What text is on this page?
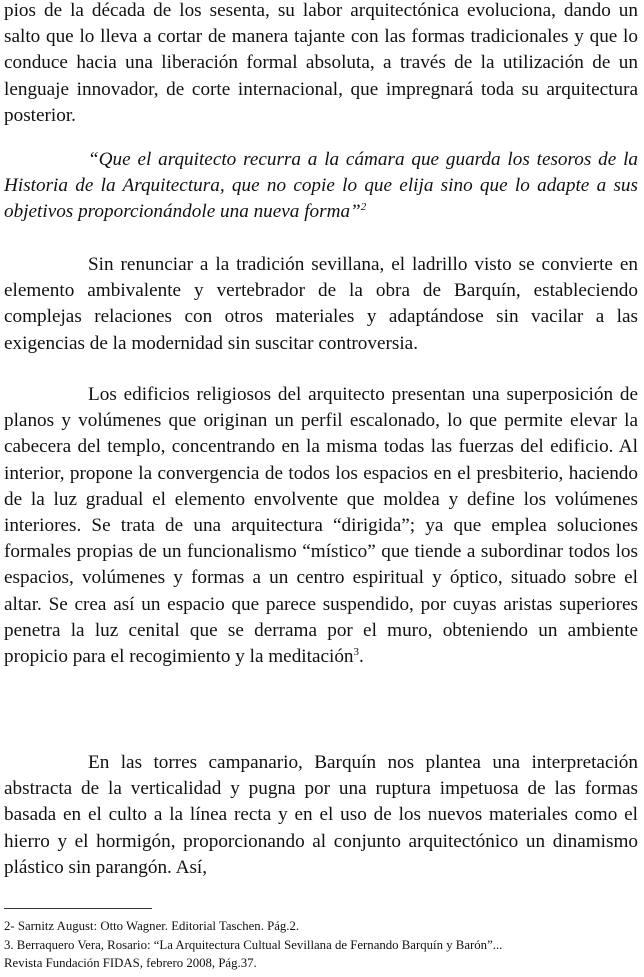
pios de la década de los sesenta, su labor arquitectónica evoluciona, dando un salto que lo lleva a cortar de manera tajante con las formas tradicionales y que lo conduce hacia una liberación formal absoluta, a través de la utilización de un lenguaje innovador, de corte internacional, que impregnará toda su arquitectura posterior.

“Que el arquitecto recurra a la cámara que guarda los tesoros de la Historia de la Arquitectura, que no copie lo que elija sino que lo adapte a sus objetivos proporcionándole una nueva forma”$^2$

Sin renunciar a la tradición sevillana, el ladrillo visto se convierte en elemento ambivalente y vertebrador de la obra de Barquín, estableciendo complejas relaciones con otros materiales y adaptándose sin vacilar a las exigencias de la modernidad sin suscitar controversia.

Los edificios religiosos del arquitecto presentan una superposición de planos y volúmenes que originan un perfil escalonado, lo que permite elevar la cabecera del templo, concentrando en la misma todas las fuerzas del edificio. Al interior, propone la convergencia de todos los espacios en el presbiterio, haciendo de la luz gradual el elemento envolvente que moldea y define los volúmenes interiores. Se trata de una arquitectura “dirigida”; ya que emplea soluciones formales propias de un funcionalismo “místico” que tiende a subordinar todos los espacios, volúmenes y formas a un centro espiritual y óptico, situado sobre el altar. Se crea así un espacio que parece suspendido, por cuyas aristas superiores penetra la luz cenital que se derrama por el muro, obteniendo un ambiente propicio para el recogimiento y la meditación$^3$.

En las torres campanario, Barquín nos plantea una interpretación abstracta de la verticalidad y pugna por una ruptura impetuosa de las formas basada en el culto a la línea recta y en el uso de los nuevos materiales como el hierro y el hormigón, proporcionando al conjunto arquitectónico un dinamismo plástico sin parangón. Así,

2- Sarnitz August: Otto Wagner. Editorial Taschen. Pág.2.

3. Berraquero Vera, Rosario: “La Arquitectura Cultual Sevillana de Fernando Barquín y Barón”...

Revista Fundación FIDAS, febrero 2008, Pág.37.
